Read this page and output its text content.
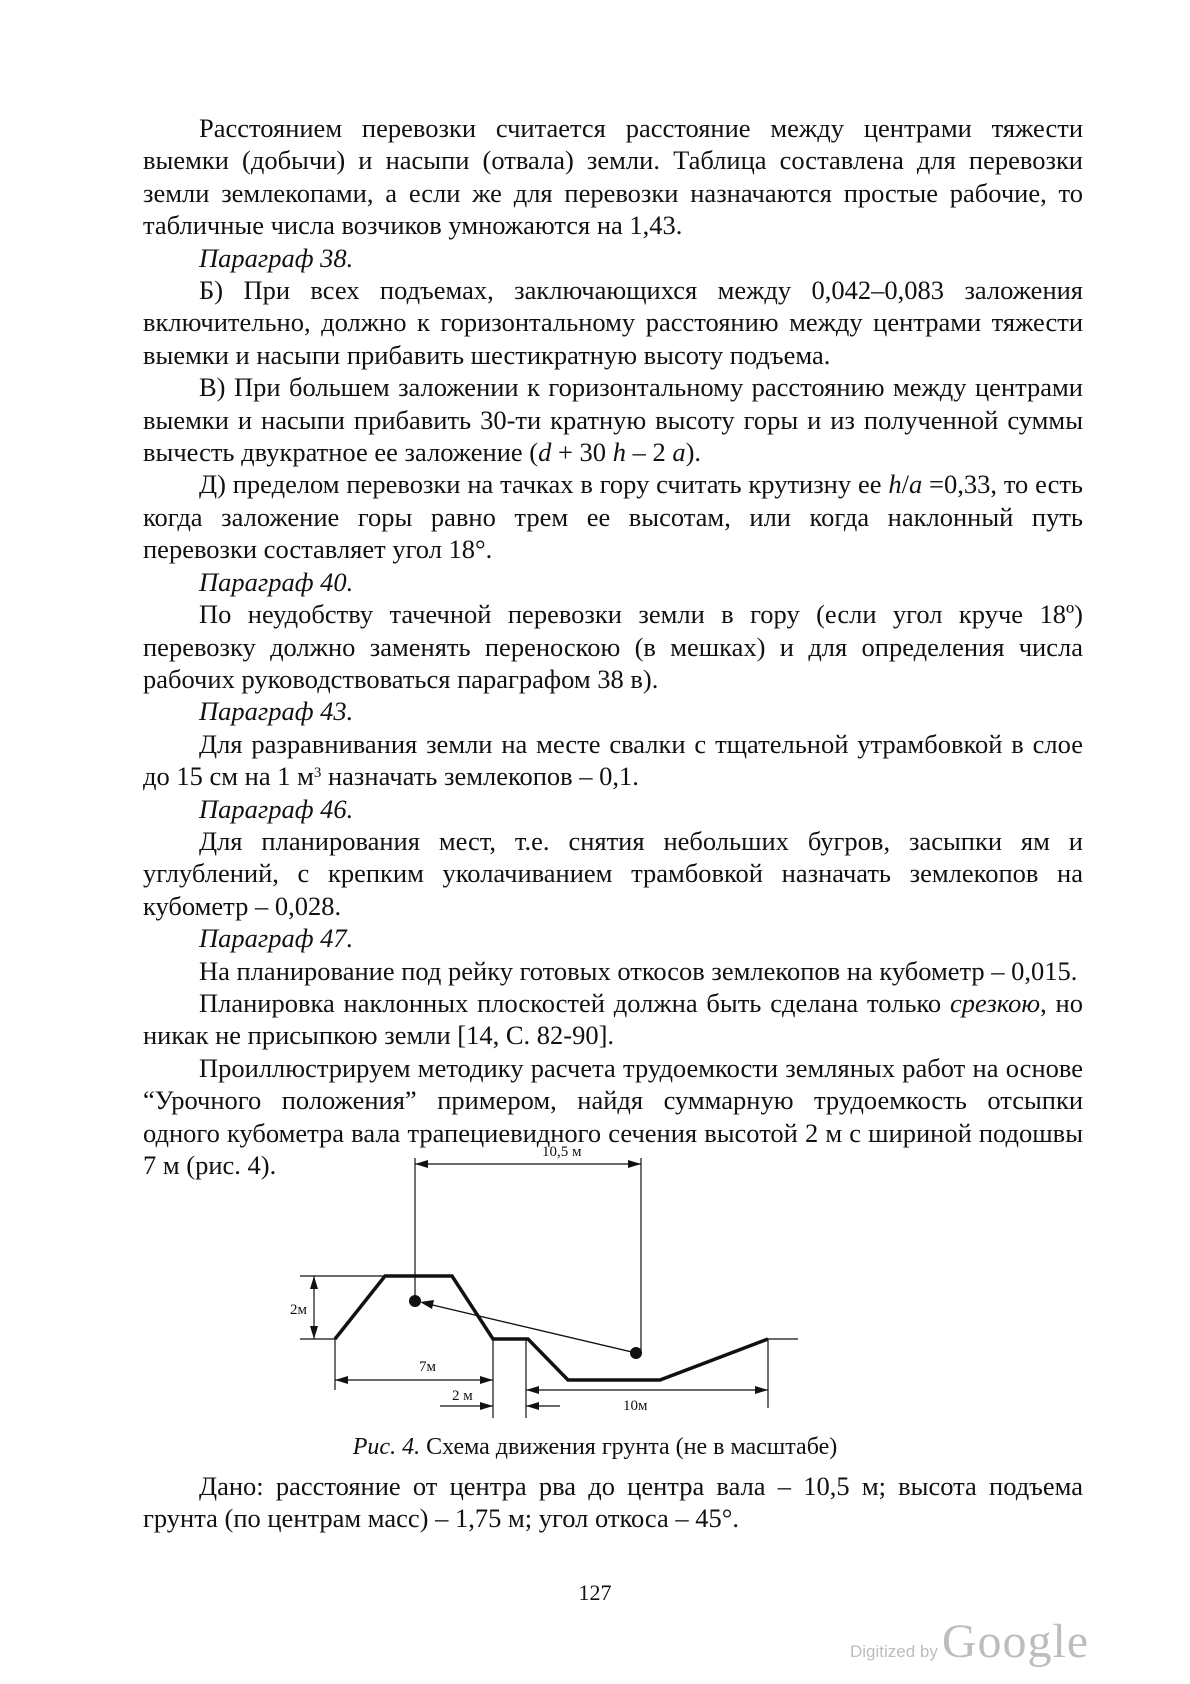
Расстоянием перевозки считается расстояние между центрами тяжести выемки (добычи) и насыпи (отвала) земли. Таблица составлена для перевозки земли землекопами, а если же для перевозки назначаются простые рабочие, то табличные числа возчиков умножаются на 1,43.

Параграф 38.

Б) При всех подъемах, заключающихся между 0,042–0,083 заложения включительно, должно к горизонтальному расстоянию между центрами тяжести выемки и насыпи прибавить шестикратную высоту подъема.

В) При большем заложении к горизонтальному расстоянию между центрами выемки и насыпи прибавить 30-ти кратную высоту горы и из полученной суммы вычесть двукратное ее заложение (d + 30 h – 2 a).

Д) пределом перевозки на тачках в гору считать крутизну ее h/a =0,33, то есть когда заложение горы равно трем ее высотам, или когда наклонный путь перевозки составляет угол 18°.

Параграф 40.

По неудобству тачечной перевозки земли в гору (если угол круче 18º) перевозку должно заменять переноскою (в мешках) и для определения числа рабочих руководствоваться параграфом 38 в).

Параграф 43.

Для разравнивания земли на месте свалки с тщательной утрамбовкой в слое до 15 см на 1 $м^3$ назначать землекопов – 0,1.

Параграф 46.

Для планирования мест, т.е. снятия небольших бугров, засыпки ям и углублений, с крепким уколачиванием трамбовкой назначать землекопов на кубометр – 0,028.

Параграф 47.

На планирование под рейку готовых откосов землекопов на кубометр – 0,015.

Планировка наклонных плоскостей должна быть сделана только срезкою, но никак не присыпкою земли [14, С. 82-90].

Проиллюстрируем методику расчета трудоемкости земляных работ на основе “Урочного положения” примером, найдя суммарную трудоемкость отсыпки одного кубометра вала трапециевидного сечения высотой 2 м с шириной подошвы 7 м (рис. 4).	10,5 м
2м
7м
2 м
10м
Рис. 4. Схема движения грунта (не в масштабе)

Дано: расстояние от центра рва до центра вала – 10,5 м; высота подъема грунта (по центрам масс) – 1,75 м; угол откоса – 45°.

127
Digitized by Google
